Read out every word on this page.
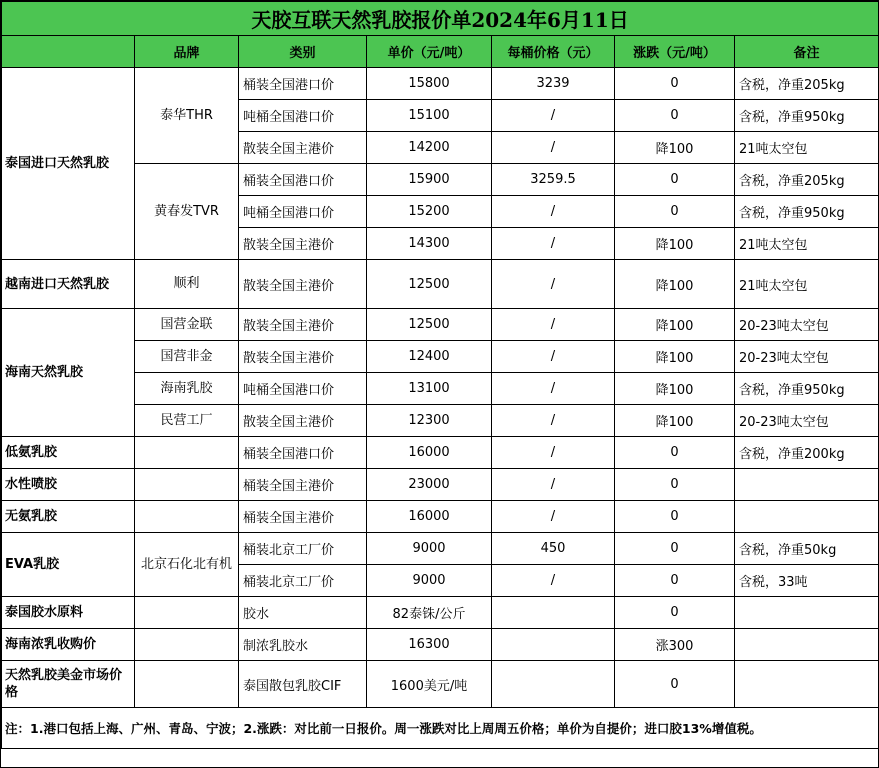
天胶互联天然乳胶报价单2024年6月11日						
	品牌	类别	单价（元/吨）	每桶价格（元）	涨跌（元/吨）	备注
泰国进口天然乳胶	泰华THR	桶装全国港口价	15800	3239	0	含税，净重205kg
		吨桶全国港口价	15100	/	0	含税，净重950kg
		散装全国主港价	14200	/	降100	21吨太空包
	黄春发TVR	桶装全国港口价	15900	3259.5	0	含税，净重205kg
		吨桶全国港口价	15200	/	0	含税，净重950kg
		散装全国主港价	14300	/	降100	21吨太空包
越南进口天然乳胶	顺利	散装全国主港价	12500	/	降100	21吨太空包
海南天然乳胶	国营金联	散装全国主港价	12500	/	降100	20-23吨太空包
	国营非金	散装全国主港价	12400	/	降100	20-23吨太空包
	海南乳胶	吨桶全国港口价	13100	/	降100	含税，净重950kg
	民营工厂	散装全国主港价	12300	/	降100	20-23吨太空包
低氨乳胶		桶装全国港口价	16000	/	0	含税，净重200kg
水性喷胶		桶装全国主港价	23000	/	0	
无氨乳胶		桶装全国主港价	16000	/	0	
EVA乳胶	北京石化北有机	桶装北京工厂价	9000	450	0	含税，净重50kg
		桶装北京工厂价	9000	/	0	含税，33吨
泰国胶水原料		胶水	82泰铢/公斤		0	
海南浓乳收购价		制浓乳胶水	16300		涨300	
天然乳胶美金市场价格		泰国散包乳胶CIF	1600美元/吨		0	
注：1.港口包括上海、广州、青岛、宁波；2.涨跌：对比前一日报价。周一涨跌对比上周周五价格；单价为自提价；进口胶13%增值税。						
